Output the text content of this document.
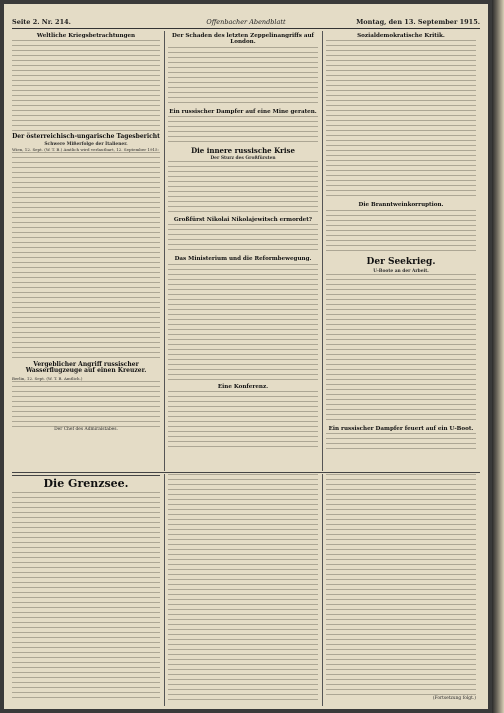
Seite 2. Nr. 214.	Offenbacher Abendblatt	Montag, den 13. September 1915.
Weltliche Kriegsbetrachtungen
Der österreichisch-ungarische Tagesbericht
Schwere Mißerfolge der Italiener.
Wien, 12. Sept. (W. T. B.) Amtlich wird verlautbart, 12. September 1915:
Vergeblicher Angriff russischer Wasserflugzeuge auf einen Kreuzer.
Berlin, 12. Sept. (W. T. B. Amtlich.)
Der Chef des Admiralstabes.
Der Schaden des letzten Zeppelinangriffs auf London.
Ein russischer Dampfer auf eine Mine geraten.
Die innere russische Krise
Der Sturz des Großfürsten
Großfürst Nikolai Nikolajewitsch ermordet?
Das Ministerium und die Reformbewegung.
Eine Konferenz.
Sozialdemokratische Kritik.
Die Branntweinkorruption.
Der Seekrieg.
U-Boote an der Arbeit.
Ein russischer Dampfer feuert auf ein U-Boot.
Die Grenzsee.
(Fortsetzung folgt.)
